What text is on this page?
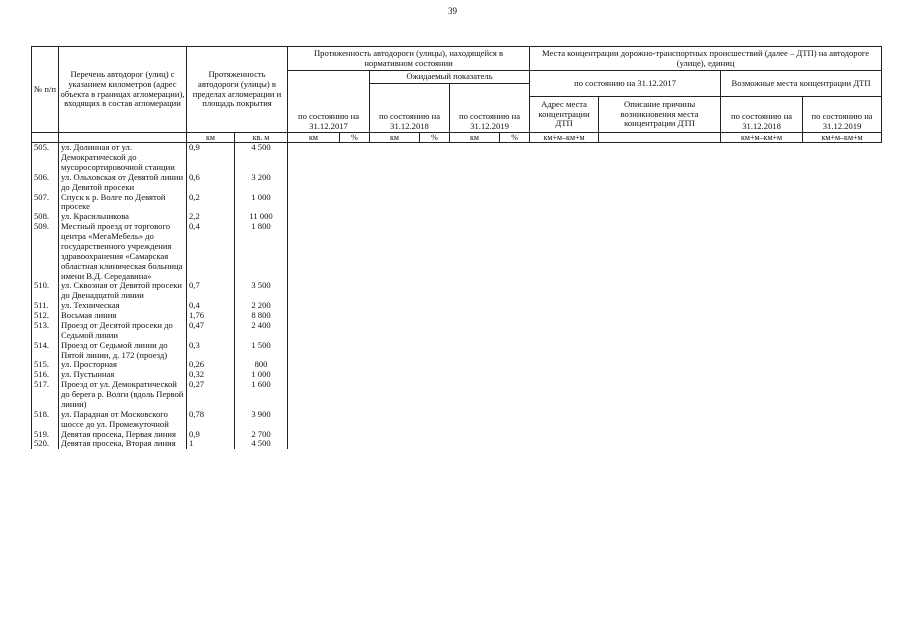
39
№ п/п	Перечень автодорог (улиц) с указанием километров (адрес объекта в границах агломерации), входящих в состав агломерации	Протяженность автодороги (улицы) в пределах агломерации и площадь покрытия		Протяженность автодороги (улицы), находящейся в нормативном состоянии						Места концентрации дорожно-транспортных происшествий (далее – ДТП) на автодороге (улице), единиц			
				по состоянию на 31.12.2017		Ожидаемый показатель				по состоянию на 31.12.2017		Возможные места концентрации ДТП	
						по состоянию на 31.12.2018		по состоянию на 31.12.2019					
										Адрес места концентрации ДТП	Описание причины возникновения места концентрации ДТП	по состоянию на 31.12.2018	по состоянию на 31.12.2019
		км	кв. м	км	%	км	%	км	%	км+м–км+м		км+м–км+м	км+м–км+м
505.	ул. Долинная от ул. Демократической до мусоросортировочной станции	0,9	4 500										
506.	ул. Ольховская от Девятой линии до Девятой просеки	0,6	3 200										
507.	Спуск к р. Волге по Девятой просеке	0,2	1 000										
508.	ул. Красильникова	2,2	11 000										
509.	Местный проезд от торгового центра «МегаМебель» до государственного учреждения здравоохранения «Самарская областная клиническая больница имени В.Д. Середавина»	0,4	1 800										
510.	ул. Сквозная от Девятой просеки до Двенадцатой линии	0,7	3 500										
511.	ул. Техническая	0,4	2 200										
512.	Восьмая линия	1,76	8 800										
513.	Проезд от Десятой просеки до Седьмой линии	0,47	2 400										
514.	Проезд от Седьмой линии до Пятой линии, д. 172 (проезд)	0,3	1 500										
515.	ул. Просторная	0,26	800										
516.	ул. Пустынная	0,32	1 000										
517.	Проезд от ул. Демократической до берега р. Волги (вдоль Первой линии)	0,27	1 600										
518.	ул. Парадная от Московского шоссе до ул. Промежуточной	0,78	3 900										
519.	Девятая просека, Первая линия	0,9	2 700										
520.	Девятая просека, Вторая линия	1	4 500										
